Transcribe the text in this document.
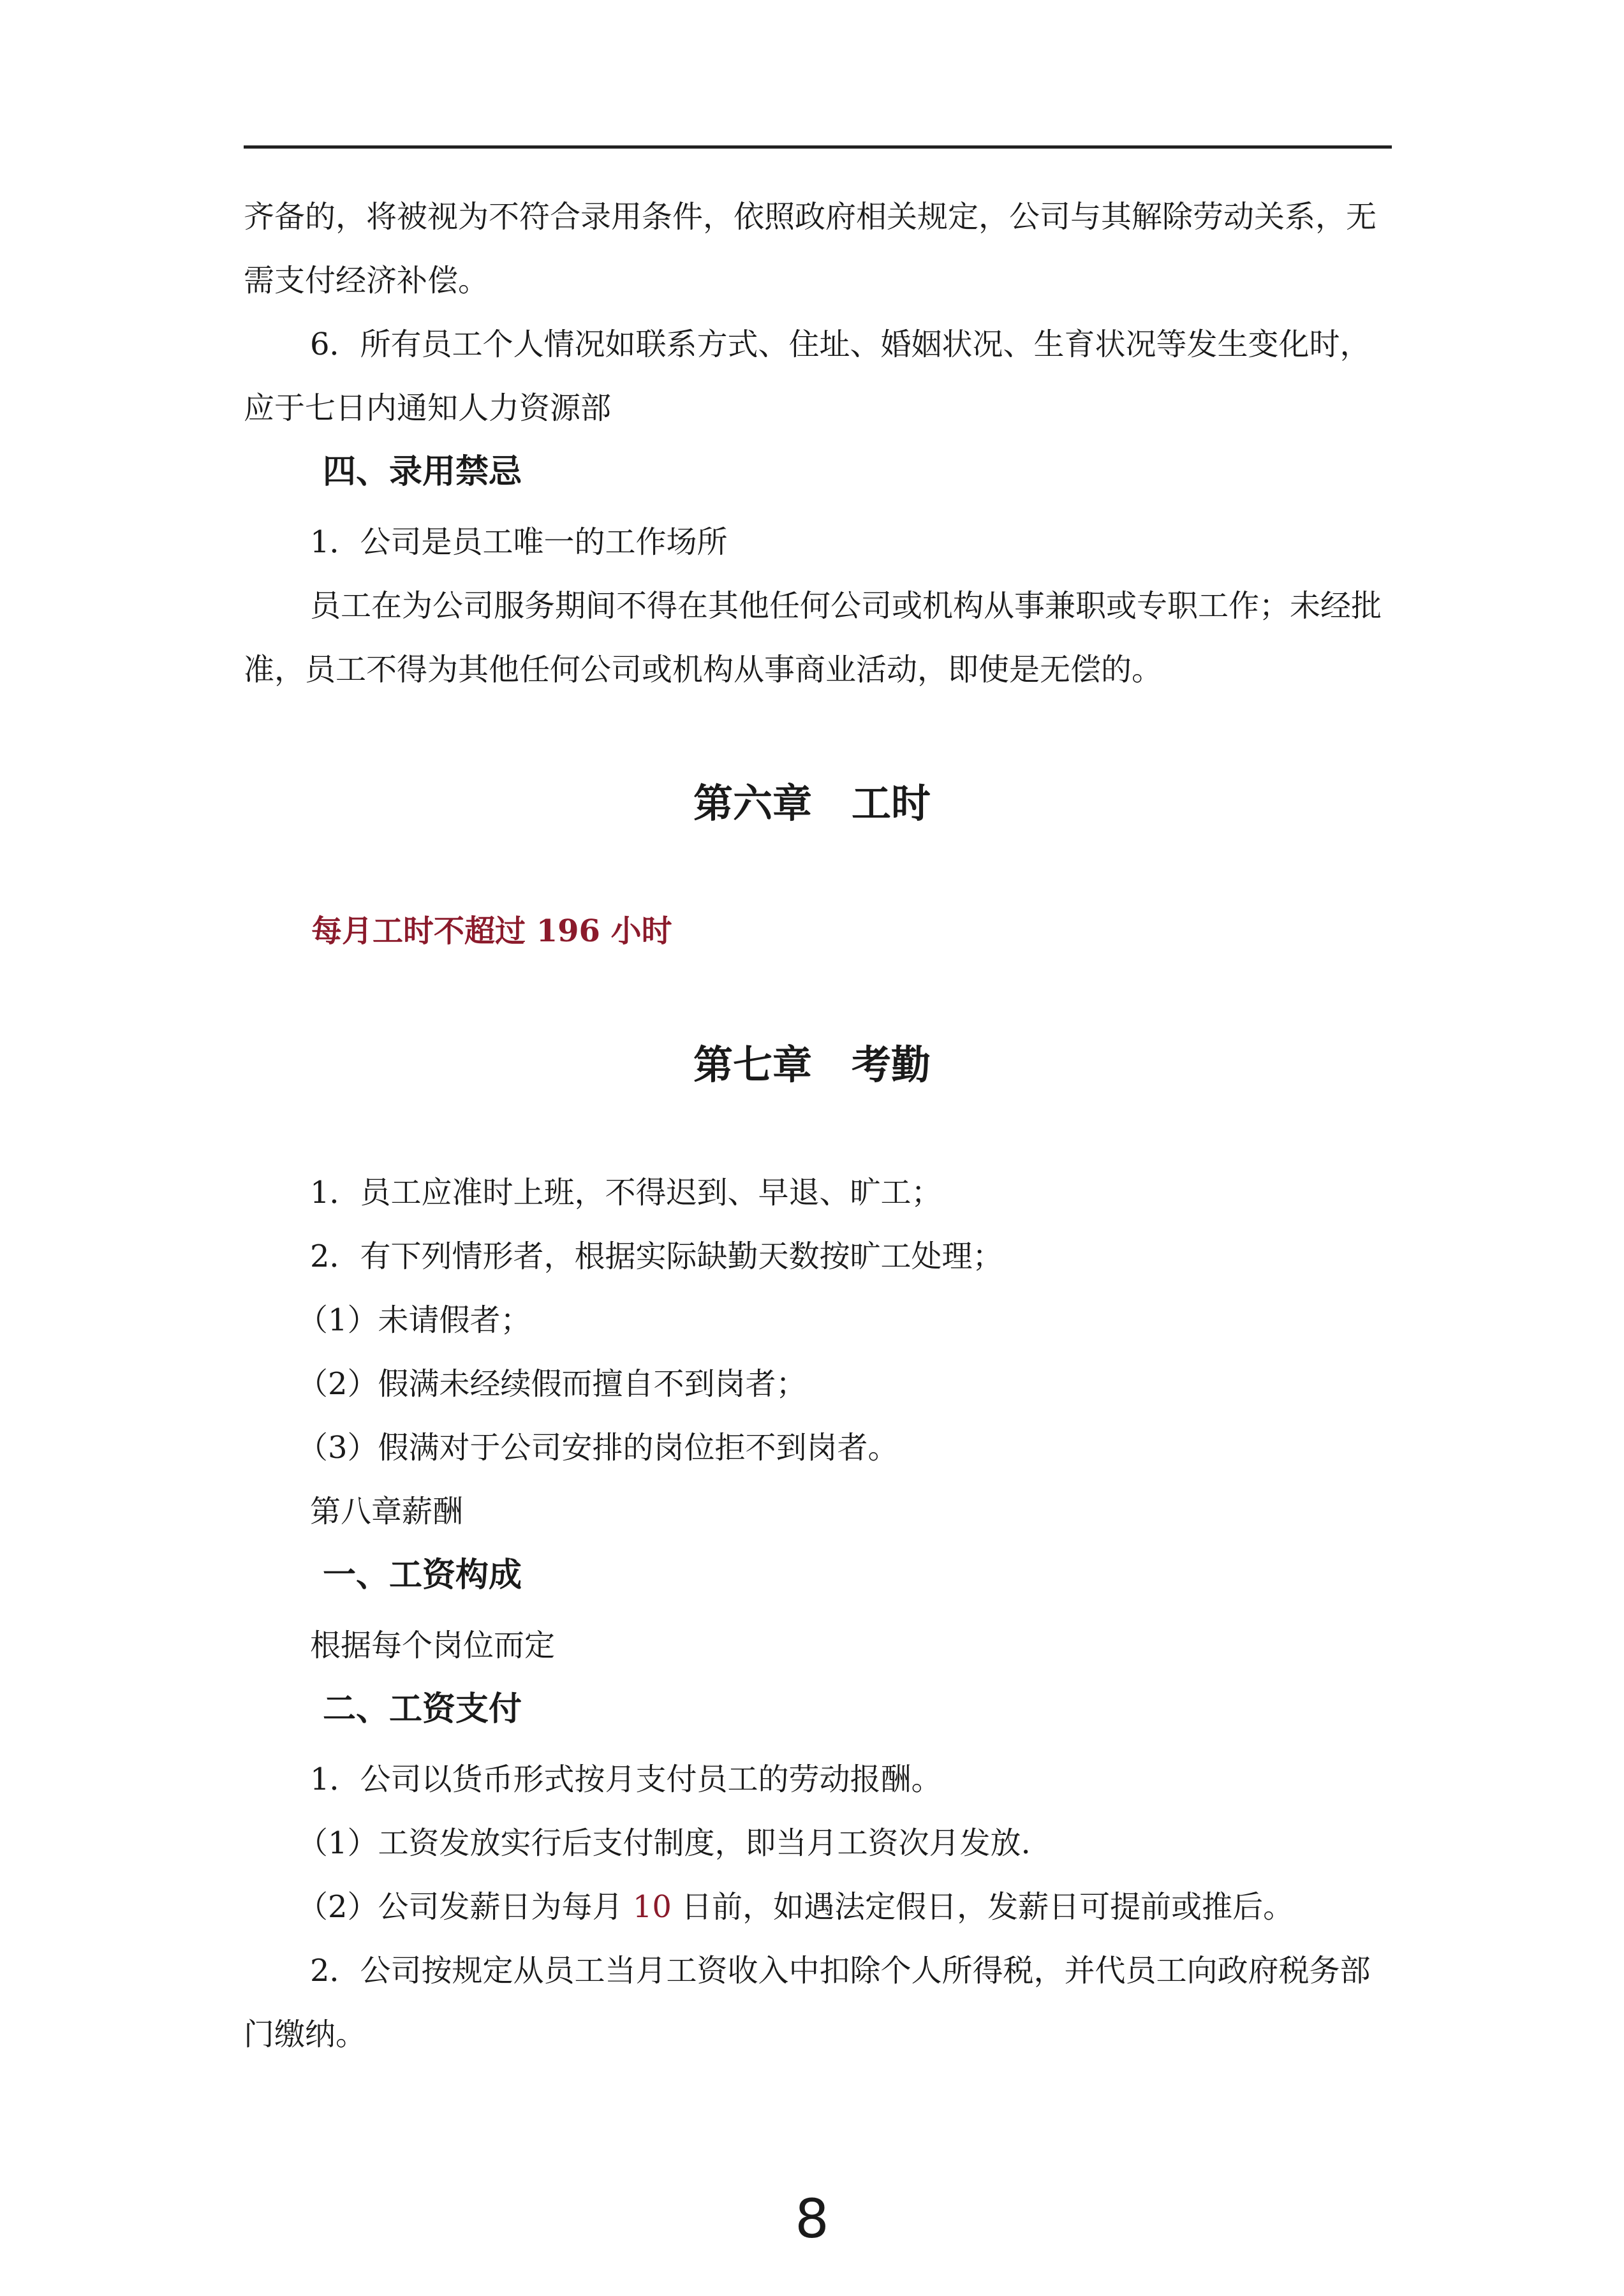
齐备的，将被视为不符合录用条件，依照政府相关规定，公司与其解除劳动关系，无需支付经济补偿。

6．所有员工个人情况如联系方式、住址、婚姻状况、生育状况等发生变化时，应于七日内通知人力资源部

四、录用禁忌
1．公司是员工唯一的工作场所

员工在为公司服务期间不得在其他任何公司或机构从事兼职或专职工作；未经批准，员工不得为其他任何公司或机构从事商业活动，即使是无偿的。

第六章　工时
每月工时不超过 196 小时
第七章　考勤
1．员工应准时上班，不得迟到、早退、旷工；
2．有下列情形者，根据实际缺勤天数按旷工处理；
（1）未请假者；
（2）假满未经续假而擅自不到岗者；
（3）假满对于公司安排的岗位拒不到岗者。
第八章薪酬
一、工资构成
根据每个岗位而定
二、工资支付
1．公司以货币形式按月支付员工的劳动报酬。
（1）工资发放实行后支付制度，即当月工资次月发放.
（2）公司发薪日为每月 10 日前，如遇法定假日，发薪日可提前或推后。

2．公司按规定从员工当月工资收入中扣除个人所得税，并代员工向政府税务部门缴纳。

8
